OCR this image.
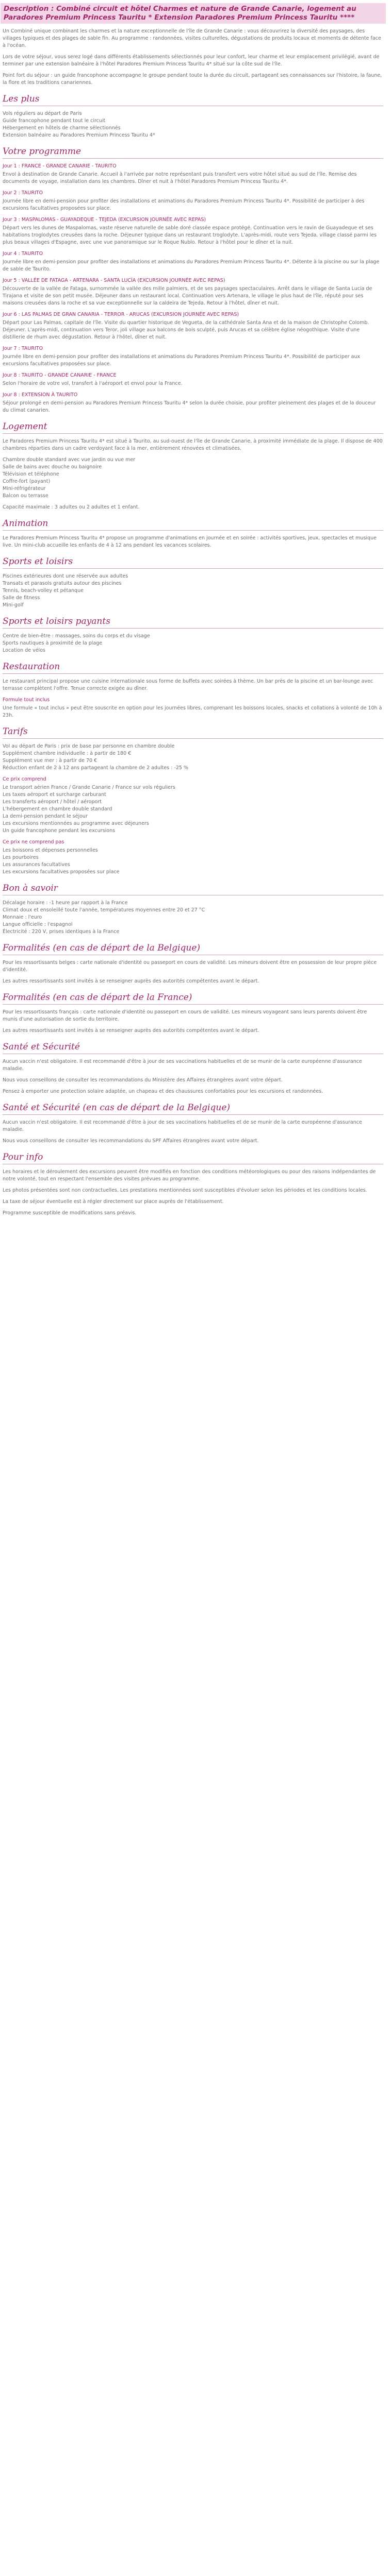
Description : Combiné circuit et hôtel Charmes et nature de Grande Canarie, logement au Paradores Premium Princess Tauritu * Extension Paradores Premium Princess Tauritu ****

Un Combiné unique combinant les charmes et la nature exceptionnelle de l'île de Grande Canarie : vous découvrirez la diversité des paysages, des villages typiques et des plages de sable fin. Au programme : randonnées, visites culturelles, dégustations de produits locaux et moments de détente face à l'océan.

Lors de votre séjour, vous serez logé dans différents établissements sélectionnés pour leur confort, leur charme et leur emplacement privilégié, avant de terminer par une extension balnéaire à l'hôtel Paradores Premium Princess Tauritu 4* situé sur la côte sud de l'île.

Point fort du séjour : un guide francophone accompagne le groupe pendant toute la durée du circuit, partageant ses connaissances sur l'histoire, la faune, la flore et les traditions canariennes.

Les plus
Vols réguliers au départ de Paris
Guide francophone pendant tout le circuit
Hébergement en hôtels de charme sélectionnés
Extension balnéaire au Paradores Premium Princess Tauritu 4*
Votre programme
Jour 1 : FRANCE - GRANDE CANARIE - TAURITO

Envol à destination de Grande Canarie. Accueil à l'arrivée par notre représentant puis transfert vers votre hôtel situé au sud de l'île. Remise des documents de voyage, installation dans les chambres. Dîner et nuit à l'hôtel Paradores Premium Princess Tauritu 4*.

Jour 2 : TAURITO

Journée libre en demi-pension pour profiter des installations et animations du Paradores Premium Princess Tauritu 4*. Possibilité de participer à des excursions facultatives proposées sur place.

Jour 3 : MASPALOMAS - GUAYADEQUE - TEJEDA (EXCURSION JOURNÉE AVEC REPAS)

Départ vers les dunes de Maspalomas, vaste réserve naturelle de sable doré classée espace protégé. Continuation vers le ravin de Guayadeque et ses habitations troglodytes creusées dans la roche. Déjeuner typique dans un restaurant troglodyte. L'après-midi, route vers Tejeda, village classé parmi les plus beaux villages d'Espagne, avec une vue panoramique sur le Roque Nublo. Retour à l'hôtel pour le dîner et la nuit.

Jour 4 : TAURITO

Journée libre en demi-pension pour profiter des installations et animations du Paradores Premium Princess Tauritu 4*. Détente à la piscine ou sur la plage de sable de Taurito.

Jour 5 : VALLÉE DE FATAGA - ARTENARA - SANTA LUCÍA (EXCURSION JOURNÉE AVEC REPAS)

Découverte de la vallée de Fataga, surnommée la vallée des mille palmiers, et de ses paysages spectaculaires. Arrêt dans le village de Santa Lucía de Tirajana et visite de son petit musée. Déjeuner dans un restaurant local. Continuation vers Artenara, le village le plus haut de l'île, réputé pour ses maisons creusées dans la roche et sa vue exceptionnelle sur la caldeira de Tejeda. Retour à l'hôtel, dîner et nuit.

Jour 6 : LAS PALMAS DE GRAN CANARIA - TERROR - ARUCAS (EXCURSION JOURNÉE AVEC REPAS)

Départ pour Las Palmas, capitale de l'île. Visite du quartier historique de Vegueta, de la cathédrale Santa Ana et de la maison de Christophe Colomb. Déjeuner. L'après-midi, continuation vers Teror, joli village aux balcons de bois sculpté, puis Arucas et sa célèbre église néogothique. Visite d'une distillerie de rhum avec dégustation. Retour à l'hôtel, dîner et nuit.

Jour 7 : TAURITO

Journée libre en demi-pension pour profiter des installations et animations du Paradores Premium Princess Tauritu 4*. Possibilité de participer aux excursions facultatives proposées sur place.

Jour 8 : TAURITO - GRANDE CANARIE - FRANCE

Selon l'horaire de votre vol, transfert à l'aéroport et envol pour la France.

Jour 8 : EXTENSION À TAURITO

Séjour prolongé en demi-pension au Paradores Premium Princess Tauritu 4* selon la durée choisie, pour profiter pleinement des plages et de la douceur du climat canarien.

Logement

Le Paradores Premium Princess Tauritu 4* est situé à Taurito, au sud-ouest de l'île de Grande Canarie, à proximité immédiate de la plage. Il dispose de 400 chambres réparties dans un cadre verdoyant face à la mer, entièrement rénovées et climatisées.

Chambre double standard avec vue jardin ou vue mer
Salle de bains avec douche ou baignoire
Télévision et téléphone
Coffre-fort (payant)
Mini-réfrigérateur
Balcon ou terrasse

Capacité maximale : 3 adultes ou 2 adultes et 1 enfant.

Animation

Le Paradores Premium Princess Tauritu 4* propose un programme d'animations en journée et en soirée : activités sportives, jeux, spectacles et musique live. Un mini-club accueille les enfants de 4 à 12 ans pendant les vacances scolaires.

Sports et loisirs
Piscines extérieures dont une réservée aux adultes
Transats et parasols gratuits autour des piscines
Tennis, beach-volley et pétanque
Salle de fitness
Mini-golf
Sports et loisirs payants
Centre de bien-être : massages, soins du corps et du visage
Sports nautiques à proximité de la plage
Location de vélos
Restauration

Le restaurant principal propose une cuisine internationale sous forme de buffets avec soirées à thème. Un bar près de la piscine et un bar-lounge avec terrasse complètent l'offre. Tenue correcte exigée au dîner.

Formule tout inclus

Une formule « tout inclus » peut être souscrite en option pour les journées libres, comprenant les boissons locales, snacks et collations à volonté de 10h à 23h.

Tarifs
Vol au départ de Paris : prix de base par personne en chambre double
Supplément chambre individuelle : à partir de 180 €
Supplément vue mer : à partir de 70 €
Réduction enfant de 2 à 12 ans partageant la chambre de 2 adultes : -25 %
Ce prix comprend
Le transport aérien France / Grande Canarie / France sur vols réguliers
Les taxes aéroport et surcharge carburant
Les transferts aéroport / hôtel / aéroport
L'hébergement en chambre double standard
La demi-pension pendant le séjour
Les excursions mentionnées au programme avec déjeuners
Un guide francophone pendant les excursions
Ce prix ne comprend pas
Les boissons et dépenses personnelles
Les pourboires
Les assurances facultatives
Les excursions facultatives proposées sur place
Bon à savoir
Décalage horaire : -1 heure par rapport à la France
Climat doux et ensoleillé toute l'année, températures moyennes entre 20 et 27 °C
Monnaie : l'euro
Langue officielle : l'espagnol
Électricité : 220 V, prises identiques à la France
Formalités (en cas de départ de la Belgique)

Pour les ressortissants belges : carte nationale d'identité ou passeport en cours de validité. Les mineurs doivent être en possession de leur propre pièce d'identité.

Les autres ressortissants sont invités à se renseigner auprès des autorités compétentes avant le départ.

Formalités (en cas de départ de la France)

Pour les ressortissants français : carte nationale d'identité ou passeport en cours de validité. Les mineurs voyageant sans leurs parents doivent être munis d'une autorisation de sortie du territoire.

Les autres ressortissants sont invités à se renseigner auprès des autorités compétentes avant le départ.

Santé et Sécurité

Aucun vaccin n'est obligatoire. Il est recommandé d'être à jour de ses vaccinations habituelles et de se munir de la carte européenne d'assurance maladie.

Nous vous conseillons de consulter les recommandations du Ministère des Affaires étrangères avant votre départ.

Pensez à emporter une protection solaire adaptée, un chapeau et des chaussures confortables pour les excursions et randonnées.

Santé et Sécurité (en cas de départ de la Belgique)

Aucun vaccin n'est obligatoire. Il est recommandé d'être à jour de ses vaccinations habituelles et de se munir de la carte européenne d'assurance maladie.

Nous vous conseillons de consulter les recommandations du SPF Affaires étrangères avant votre départ.

Pour info

Les horaires et le déroulement des excursions peuvent être modifiés en fonction des conditions météorologiques ou pour des raisons indépendantes de notre volonté, tout en respectant l'ensemble des visites prévues au programme.

Les photos présentées sont non contractuelles. Les prestations mentionnées sont susceptibles d'évoluer selon les périodes et les conditions locales.

La taxe de séjour éventuelle est à régler directement sur place auprès de l'établissement.

Programme susceptible de modifications sans préavis.
